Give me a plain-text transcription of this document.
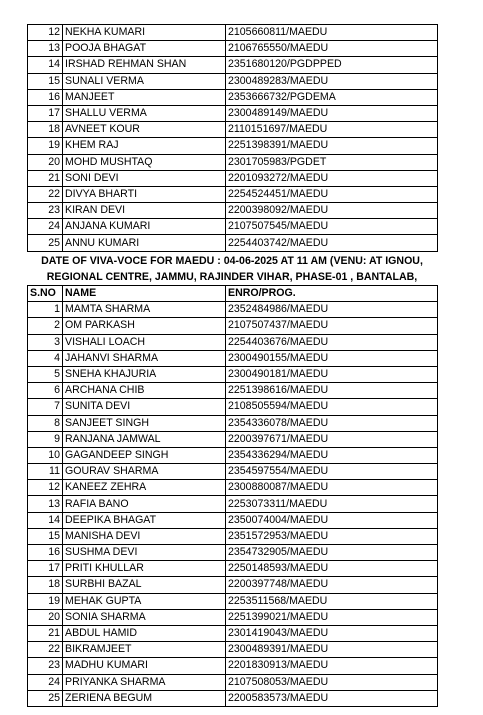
12	NEKHA KUMARI	2105660811/MAEDU
13	POOJA BHAGAT	2106765550/MAEDU
14	IRSHAD REHMAN SHAN	2351680120/PGDPPED
15	SUNALI VERMA	2300489283/MAEDU
16	MANJEET	2353666732/PGDEMA
17	SHALLU VERMA	2300489149/MAEDU
18	AVNEET KOUR	2110151697/MAEDU
19	KHEM RAJ	2251398391/MAEDU
20	MOHD MUSHTAQ	2301705983/PGDET
21	SONI DEVI	2201093272/MAEDU
22	DIVYA BHARTI	2254524451/MAEDU
23	KIRAN DEVI	2200398092/MAEDU
24	ANJANA KUMARI	2107507545/MAEDU
25	ANNU KUMARI	2254403742/MAEDU
DATE OF VIVA-VOCE FOR MAEDU : 04-06-2025 AT 11 AM (VENU: AT IGNOU,
REGIONAL CENTRE, JAMMU, RAJINDER VIHAR, PHASE-01 , BANTALAB,
S.NO	NAME	ENRO/PROG.
1	MAMTA SHARMA	2352484986/MAEDU
2	OM PARKASH	2107507437/MAEDU
3	VISHALI LOACH	2254403676/MAEDU
4	JAHANVI SHARMA	2300490155/MAEDU
5	SNEHA KHAJURIA	2300490181/MAEDU
6	ARCHANA CHIB	2251398616/MAEDU
7	SUNITA DEVI	2108505594/MAEDU
8	SANJEET SINGH	2354336078/MAEDU
9	RANJANA JAMWAL	2200397671/MAEDU
10	GAGANDEEP SINGH	2354336294/MAEDU
11	GOURAV SHARMA	2354597554/MAEDU
12	KANEEZ ZEHRA	2300880087/MAEDU
13	RAFIA BANO	2253073311/MAEDU
14	DEEPIKA BHAGAT	2350074004/MAEDU
15	MANISHA DEVI	2351572953/MAEDU
16	SUSHMA DEVI	2354732905/MAEDU
17	PRITI KHULLAR	2250148593/MAEDU
18	SURBHI BAZAL	2200397748/MAEDU
19	MEHAK GUPTA	2253511568/MAEDU
20	SONIA SHARMA	2251399021/MAEDU
21	ABDUL HAMID	2301419043/MAEDU
22	BIKRAMJEET	2300489391/MAEDU
23	MADHU KUMARI	2201830913/MAEDU
24	PRIYANKA SHARMA	2107508053/MAEDU
25	ZERIENA BEGUM	2200583573/MAEDU
